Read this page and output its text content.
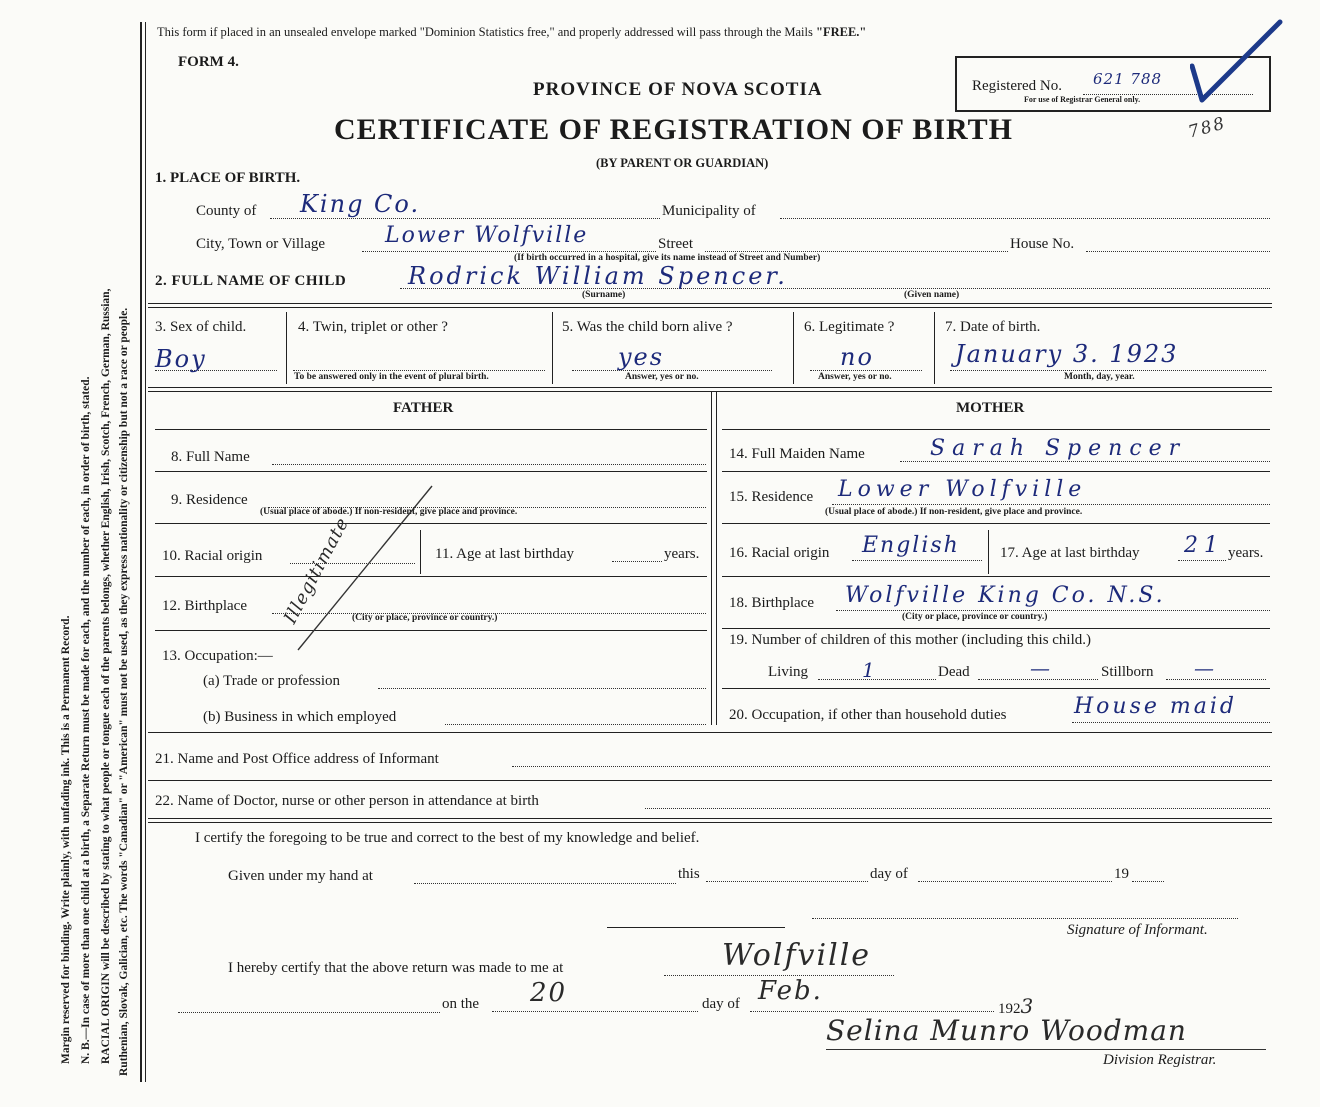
Margin reserved for binding. Write plainly, with unfading ink. This is a Permanent Record. N. B.—In case of more than one child at a birth, a Separate Return must be made for each, and the number of each, in order of birth, stated. RACIAL ORIGIN will be described by stating to what people or tongue each of the parents belongs, whether English, Irish, Scotch, French, German, Russian, Ruthenian, Slovak, Galician, etc. The words "Canadian" or "American" must not be used, as they express nationality or citizenship but not a race or people.
This form if placed in an unsealed envelope marked "Dominion Statistics free," and properly addressed will pass through the Mails "FREE."
FORM 4.
PROVINCE OF NOVA SCOTIA
CERTIFICATE OF REGISTRATION OF BIRTH
(BY PARENT OR GUARDIAN)
Registered No. 621 788
For use of Registrar General only.
788
1. PLACE OF BIRTH.
County of King Co.	Municipality of
City, Town or Village	Lower Wolfville	Street	House No.
(If birth occurred in a hospital, give its name instead of Street and Number)
2. FULL NAME OF CHILD	Rodrick William Spencer.
(Surname)	(Given name)
3. Sex of child.
Boy
4. Twin, triplet or other ?
To be answered only in the event of plural birth.
5. Was the child born alive ?
yes
Answer, yes or no.
6. Legitimate ?
no
Answer, yes or no.
7. Date of birth.
January 3. 1923
Month, day, year.
FATHER	MOTHER
8. Full Name
9. Residence
(Usual place of abode.) If non-resident, give place and province.
10. Racial origin	11. Age at last birthday	years.
12. Birthplace
(City or place, province or country.)
13. Occupation:—
(a) Trade or profession
(b) Business in which employed
Illegitimate
14. Full Maiden Name	Sarah Spencer
15. Residence Lower Wolfville
(Usual place of abode.) If non-resident, give place and province.
16. Racial origin English	17. Age at last birthday 21 years.
18. Birthplace Wolfville King Co. N.S.
(City or place, province or country.)
19. Number of children of this mother (including this child.)
Living	1	Dead	—	Stillborn —
20. Occupation, if other than household duties	House maid
21. Name and Post Office address of Informant
22. Name of Doctor, nurse or other person in attendance at birth
I certify the foregoing to be true and correct to the best of my knowledge and belief.
Given under my hand at	this	day of	19
Signature of Informant.
I hereby certify that the above return was made to me at	Wolfville
on the 20	day of Feb.
1923
Selina Munro Woodman
Division Registrar.
